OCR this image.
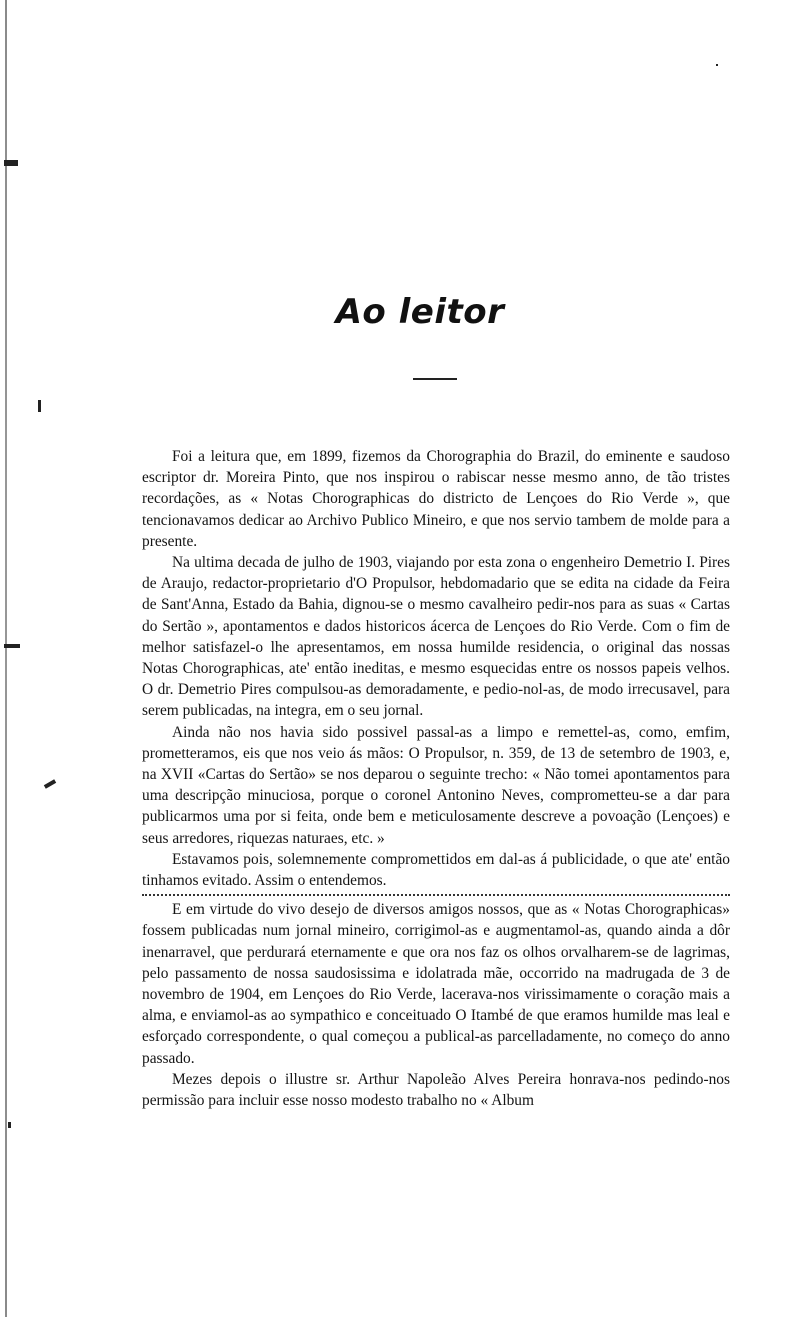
Ao leitor

Foi a leitura que, em 1899, fizemos da Chorographia do Brazil, do eminente e saudoso escriptor dr. Moreira Pinto, que nos inspirou o rabiscar nesse mesmo anno, de tão tristes recordações, as « Notas Chorographicas do districto de Lençoes do Rio Verde », que tencionavamos dedicar ao Archivo Publico Mineiro, e que nos servio tambem de molde para a presente.

Na ultima decada de julho de 1903, viajando por esta zona o engenheiro Demetrio I. Pires de Araujo, redactor-proprietario d'O Propulsor, hebdomadario que se edita na cidade da Feira de Sant'Anna, Estado da Bahia, dignou-se o mesmo cavalheiro pedir-nos para as suas « Cartas do Sertão », apontamentos e dados historicos ácerca de Lençoes do Rio Verde. Com o fim de melhor satisfazel-o lhe apresentamos, em nossa humilde residencia, o original das nossas Notas Chorographicas, ate' então ineditas, e mesmo esquecidas entre os nossos papeis velhos. O dr. Demetrio Pires compulsou-as demoradamente, e pedio-nol-as, de modo irrecusavel, para serem publicadas, na integra, em o seu jornal.

Ainda não nos havia sido possivel passal-as a limpo e remettel-as, como, emfim, prometteramos, eis que nos veio ás mãos: O Propulsor, n. 359, de 13 de setembro de 1903, e, na XVII «Cartas do Sertão» se nos deparou o seguinte trecho: « Não tomei apontamentos para uma descripção minuciosa, porque o coronel Antonino Neves, comprometteu-se a dar para publicarmos uma por si feita, onde bem e meticulosamente descreve a povoação (Lençoes) e seus arredores, riquezas naturaes, etc. »

Estavamos pois, solemnemente compromettidos em dal-as á publicidade, o que ate' então tinhamos evitado. Assim o entendemos.

E em virtude do vivo desejo de diversos amigos nossos, que as « Notas Chorographicas» fossem publicadas num jornal mineiro, corrigimol-as e augmentamol-as, quando ainda a dôr inenarravel, que perdurará eternamente e que ora nos faz os olhos orvalharem-se de lagrimas, pelo passamento de nossa saudosissima e idolatrada mãe, occorrido na madrugada de 3 de novembro de 1904, em Lençoes do Rio Verde, lacerava-nos virissimamente o coração mais a alma, e enviamol-as ao sympathico e conceituado O Itambé de que eramos humilde mas leal e esforçado correspondente, o qual começou a publical-as parcelladamente, no começo do anno passado.

Mezes depois o illustre sr. Arthur Napoleão Alves Pereira honrava-nos pedindo-nos permissão para incluir esse nosso modesto trabalho no « Album
